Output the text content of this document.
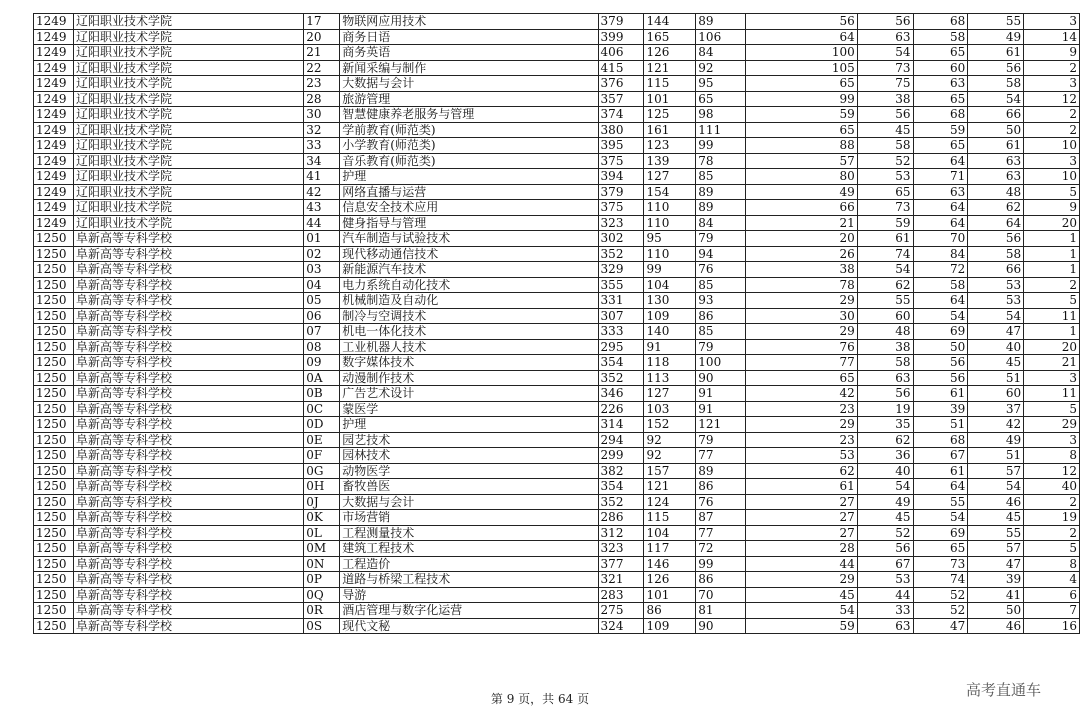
1249	辽阳职业技术学院	17	物联网应用技术	379	144	89	56	56	68	55	3
1249	辽阳职业技术学院	20	商务日语	399	165	106	64	63	58	49	14
1249	辽阳职业技术学院	21	商务英语	406	126	84	100	54	65	61	9
1249	辽阳职业技术学院	22	新闻采编与制作	415	121	92	105	73	60	56	2
1249	辽阳职业技术学院	23	大数据与会计	376	115	95	65	75	63	58	3
1249	辽阳职业技术学院	28	旅游管理	357	101	65	99	38	65	54	12
1249	辽阳职业技术学院	30	智慧健康养老服务与管理	374	125	98	59	56	68	66	2
1249	辽阳职业技术学院	32	学前教育(师范类)	380	161	111	65	45	59	50	2
1249	辽阳职业技术学院	33	小学教育(师范类)	395	123	99	88	58	65	61	10
1249	辽阳职业技术学院	34	音乐教育(师范类)	375	139	78	57	52	64	63	3
1249	辽阳职业技术学院	41	护理	394	127	85	80	53	71	63	10
1249	辽阳职业技术学院	42	网络直播与运营	379	154	89	49	65	63	48	5
1249	辽阳职业技术学院	43	信息安全技术应用	375	110	89	66	73	64	62	9
1249	辽阳职业技术学院	44	健身指导与管理	323	110	84	21	59	64	64	20
1250	阜新高等专科学校	01	汽车制造与试验技术	302	95	79	20	61	70	56	1
1250	阜新高等专科学校	02	现代移动通信技术	352	110	94	26	74	84	58	1
1250	阜新高等专科学校	03	新能源汽车技术	329	99	76	38	54	72	66	1
1250	阜新高等专科学校	04	电力系统自动化技术	355	104	85	78	62	58	53	2
1250	阜新高等专科学校	05	机械制造及自动化	331	130	93	29	55	64	53	5
1250	阜新高等专科学校	06	制冷与空调技术	307	109	86	30	60	54	54	11
1250	阜新高等专科学校	07	机电一体化技术	333	140	85	29	48	69	47	1
1250	阜新高等专科学校	08	工业机器人技术	295	91	79	76	38	50	40	20
1250	阜新高等专科学校	09	数字媒体技术	354	118	100	77	58	56	45	21
1250	阜新高等专科学校	0A	动漫制作技术	352	113	90	65	63	56	51	3
1250	阜新高等专科学校	0B	广告艺术设计	346	127	91	42	56	61	60	11
1250	阜新高等专科学校	0C	蒙医学	226	103	91	23	19	39	37	5
1250	阜新高等专科学校	0D	护理	314	152	121	29	35	51	42	29
1250	阜新高等专科学校	0E	园艺技术	294	92	79	23	62	68	49	3
1250	阜新高等专科学校	0F	园林技术	299	92	77	53	36	67	51	8
1250	阜新高等专科学校	0G	动物医学	382	157	89	62	40	61	57	12
1250	阜新高等专科学校	0H	畜牧兽医	354	121	86	61	54	64	54	40
1250	阜新高等专科学校	0J	大数据与会计	352	124	76	27	49	55	46	2
1250	阜新高等专科学校	0K	市场营销	286	115	87	27	45	54	45	19
1250	阜新高等专科学校	0L	工程测量技术	312	104	77	27	52	69	55	2
1250	阜新高等专科学校	0M	建筑工程技术	323	117	72	28	56	65	57	5
1250	阜新高等专科学校	0N	工程造价	377	146	99	44	67	73	47	8
1250	阜新高等专科学校	0P	道路与桥梁工程技术	321	126	86	29	53	74	39	4
1250	阜新高等专科学校	0Q	导游	283	101	70	45	44	52	41	6
1250	阜新高等专科学校	0R	酒店管理与数字化运营	275	86	81	54	33	52	50	7
1250	阜新高等专科学校	0S	现代文秘	324	109	90	59	63	47	46	16
第 9 页，共 64 页	高考直通车
